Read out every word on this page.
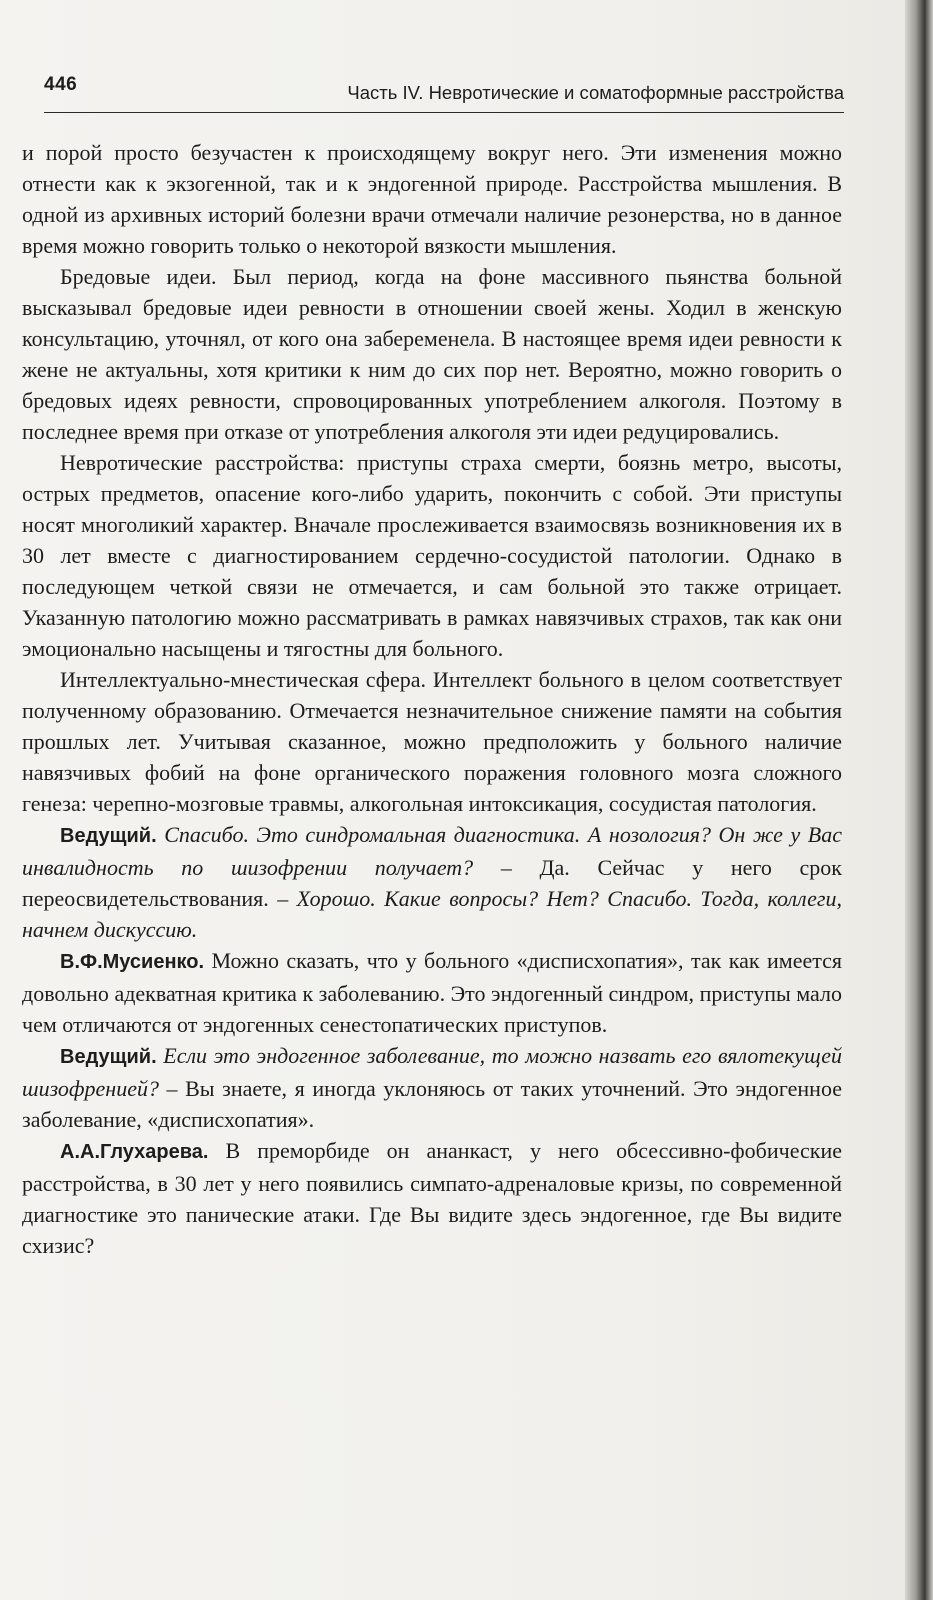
446	Часть IV. Невротические и соматоформные расстройства

и порой просто безучастен к происходящему вокруг него. Эти изменения можно отнести как к экзогенной, так и к эндогенной природе. Расстройства мышления. В одной из архивных историй болезни врачи отмечали наличие резонерства, но в данное время можно говорить только о некоторой вязкости мышления.

Бредовые идеи. Был период, когда на фоне массивного пьянства больной высказывал бредовые идеи ревности в отношении своей жены. Ходил в женскую консультацию, уточнял, от кого она забеременела. В настоящее время идеи ревности к жене не актуальны, хотя критики к ним до сих пор нет. Вероятно, можно говорить о бредовых идеях ревности, спровоцированных употреблением алкоголя. Поэтому в последнее время при отказе от употребления алкоголя эти идеи редуцировались.

Невротические расстройства: приступы страха смерти, боязнь метро, высоты, острых предметов, опасение кого-либо ударить, покончить с собой. Эти приступы носят многоликий характер. Вначале прослеживается взаимосвязь возникновения их в 30 лет вместе с диагностированием сердечно-сосудистой патологии. Однако в последующем четкой связи не отмечается, и сам больной это также отрицает. Указанную патологию можно рассматривать в рамках навязчивых страхов, так как они эмоционально насыщены и тягостны для больного.

Интеллектуально-мнестическая сфера. Интеллект больного в целом соответствует полученному образованию. Отмечается незначительное снижение памяти на события прошлых лет. Учитывая сказанное, можно предположить у больного наличие навязчивых фобий на фоне органического поражения головного мозга сложного генеза: черепно-мозговые травмы, алкогольная интоксикация, сосудистая патология.

Ведущий. Спасибо. Это синдромальная диагностика. А нозология? Он же у Вас инвалидность по шизофрении получает? – Да. Сейчас у него срок переосвидетельствования. – Хорошо. Какие вопросы? Нет? Спасибо. Тогда, коллеги, начнем дискуссию.

В.Ф.Мусиенко. Можно сказать, что у больного «дисписхопатия», так как имеется довольно адекватная критика к заболеванию. Это эндогенный синдром, приступы мало чем отличаются от эндогенных сенестопатических приступов.

Ведущий. Если это эндогенное заболевание, то можно назвать его вялотекущей шизофренией? – Вы знаете, я иногда уклоняюсь от таких уточнений. Это эндогенное заболевание, «дисписхопатия».

А.А.Глухарева. В преморбиде он ананкаст, у него обсессивно-фобические расстройства, в 30 лет у него появились симпато-адреналовые кризы, по современной диагностике это панические атаки. Где Вы видите здесь эндогенное, где Вы видите схизис?
